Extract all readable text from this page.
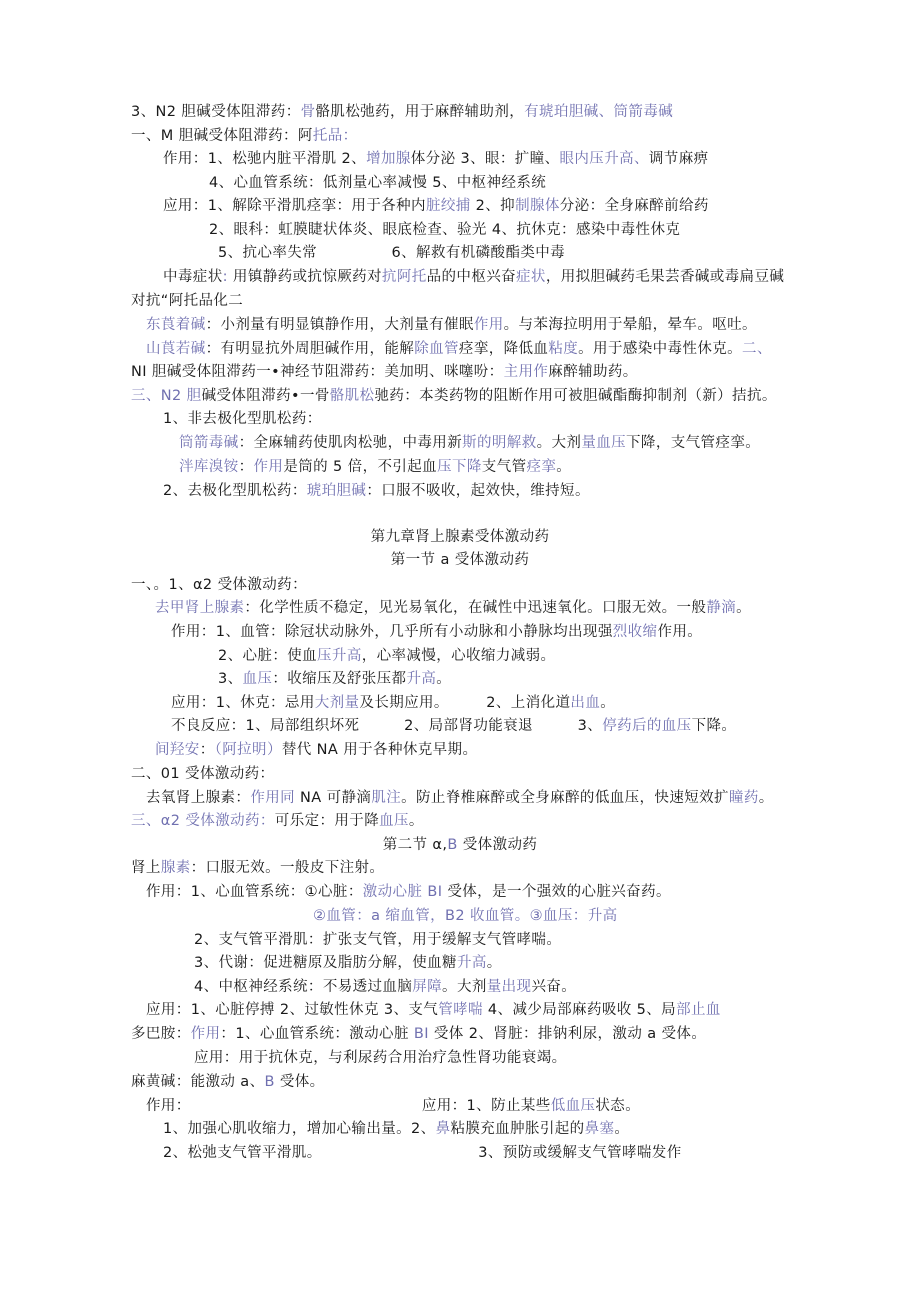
3、N2 胆碱受体阻滞药：骨骼肌松弛药，用于麻醉辅助剂，有琥珀胆碱、筒箭毒碱
一、M 胆碱受体阻滞药：阿托品：
作用：1、松驰内脏平滑肌 2、增加腺体分泌 3、眼：扩瞳、眼内压升高、调节麻痹
4、心血管系统：低剂量心率减慢 5、中枢神经系统
应用：1、解除平滑肌痉挛：用于各种内脏绞捕 2、抑制腺体分泌：全身麻醉前给药
2、眼科：虹膜睫状体炎、眼底检查、验光 4、抗休克：感染中毒性休克
5、抗心率失常　　　　　6、解救有机磷酸酯类中毒
中毒症状: 用镇静药或抗惊厥药对抗阿托品的中枢兴奋症状，用拟胆碱药毛果芸香碱或毒扁豆碱
对抗“阿托品化二
东莨着碱：小剂量有明显镇静作用，大剂量有催眠作用。与苯海拉明用于晕船，晕车。呕吐。
山莨若碱：有明显抗外周胆碱作用，能解除血管痉挛，降低血粘度。用于感染中毒性休克。二、
NI 胆碱受体阻滞药一•神经节阻滞药：美加明、咪噻吩：主用作麻醉辅助药。
三、N2 胆碱受体阻滞药•一骨骼肌松驰药：本类药物的阻断作用可被胆碱酯酶抑制剂（新）拮抗。
1、非去极化型肌松药：
筒箭毒碱：全麻辅药使肌肉松驰，中毒用新斯的明解救。大剂量血压下降，支气管痉挛。
泮库溴铵：作用是筒的 5 倍，不引起血压下降支气管痉挛。
2、去极化型肌松药：琥珀胆碱：口服不吸收，起效快，维持短。
第九章肾上腺素受体激动药
第一节 a 受体激动药
一、。1、α2 受体激动药：
去甲肾上腺素：化学性质不稳定，见光易氧化，在碱性中迅速氧化。口服无效。一般静滴。
作用：1、血管：除冠状动脉外，几乎所有小动脉和小静脉均出现强烈收缩作用。
2、心脏：使血压升高，心率减慢，心收缩力减弱。
3、血压：收缩压及舒张压都升高。
应用：1、休克：忌用大剂量及长期应用。　　　2、上消化道出血。
不良反应：1、局部组织坏死　　　2、局部肾功能衰退　　　3、停药后的血压下降。
间羟安：（阿拉明）替代 NA 用于各种休克早期。
二、01 受体激动药：
去氧肾上腺素：作用同 NA 可静滴肌注。防止脊椎麻醉或全身麻醉的低血压，快速短效扩瞳药。
三、α2 受体激动药：可乐定：用于降血压。
第二节 α,B 受体激动药
肾上腺素：口服无效。一般皮下注射。
作用：1、心血管系统：①心脏：激动心脏 BI 受体，是一个强效的心脏兴奋药。
②血管：a 缩血管，B2 收血管。③血压：升高
2、支气管平滑肌：扩张支气管，用于缓解支气管哮喘。
3、代谢：促进糖原及脂肪分解，使血糖升高。
4、中枢神经系统：不易透过血脑屏障。大剂量出现兴奋。
应用：1、心脏停搏 2、过敏性休克 3、支气管哮喘 4、减少局部麻药吸收 5、局部止血
多巴胺：作用：1、心血管系统：激动心脏 BI 受体 2、肾脏：排钠利尿，激动 a 受体。
应用：用于抗休克，与利尿药合用治疗急性肾功能衰竭。
麻黄碱：能激动 a、B 受体。
作用：　　　　　　　　　　　　　　　　应用：1、防止某些低血压状态。
1、加强心肌收缩力，增加心输出量。2、鼻粘膜充血肿胀引起的鼻塞。
2、松弛支气管平滑肌。　　　　　　　　　　　3、预防或缓解支气管哮喘发作
